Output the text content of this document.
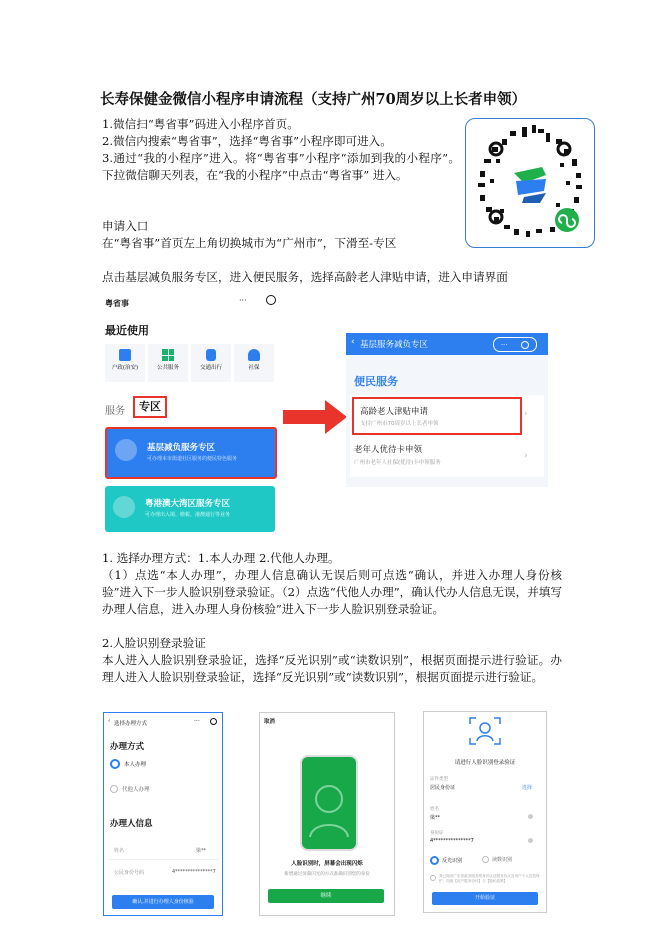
长寿保健金微信小程序申请流程（支持广州70周岁以上长者申领）

1.微信扫“粤省事”码进入小程序首页。

2.微信内搜索“粤省事”，选择“粤省事”小程序即可进入。

3.通过“我的小程序”进入。将“粤省事”小程序“添加到我的小程序”。下拉微信聊天列表，在“我的小程序”中点击“粤省事” 进入。

申请入口

在“粤省事”首页左上角切换城市为“广州市”，下滑至-专区

点击基层减负服务专区，进入便民服务，选择高龄老人津贴申请，进入申请界面

粤省事	···
最近使用
户政(治安)	公共服务	交通出行	社保
服务	专区
基层减负服务专区
可办理本市街道社区服务的便民特色服务
粤港澳大湾区服务专区
可办理出入境、缴税、港澳通行等业务
‹ 基层服务减负专区	···
便民服务
高龄老人津贴申请
支持广州市70周岁以上长者申领
›
老年人优待卡申领
广州市老年人社保(优待)卡申领服务
›

1. 选择办理方式：1.本人办理 2.代他人办理。

（1）点选“本人办理”，办理人信息确认无误后则可点选“确认，并进入办理人身份核验”进入下一步人脸识别登录验证。（2）点选“代他人办理”，确认代办人信息无误，并填写办理人信息，进入办理人身份核验”进入下一步人脸识别登录验证。

2.人脸识别登录验证

本人进入人脸识别登录验证，选择“反光识别”或“读数识别”，根据页面提示进行验证。办理人进入人脸识别登录验证，选择“反光识别”或“读数识别”，根据页面提示进行验证。

‹ 选择办理方式	···
办理方式
本人办理
代他人办理
办理人信息
姓名	梁**
公民身份号码	4***************7
确认,并进行办理人身份核验
取消
人脸识别时，屏幕会出现闪烁
新增通过屏幕闪光的方式准确识别您的身份
继续
请进行人脸识别登录验证
证件类型
居民身份证	选择
姓名
梁**
身份证
4***************7
反光识别	读数识别
我已阅读广东省政务服务网身份认证服务协议及用户个人信息保护，同意【用户服务协议】与【隐私政策】
开始验证
